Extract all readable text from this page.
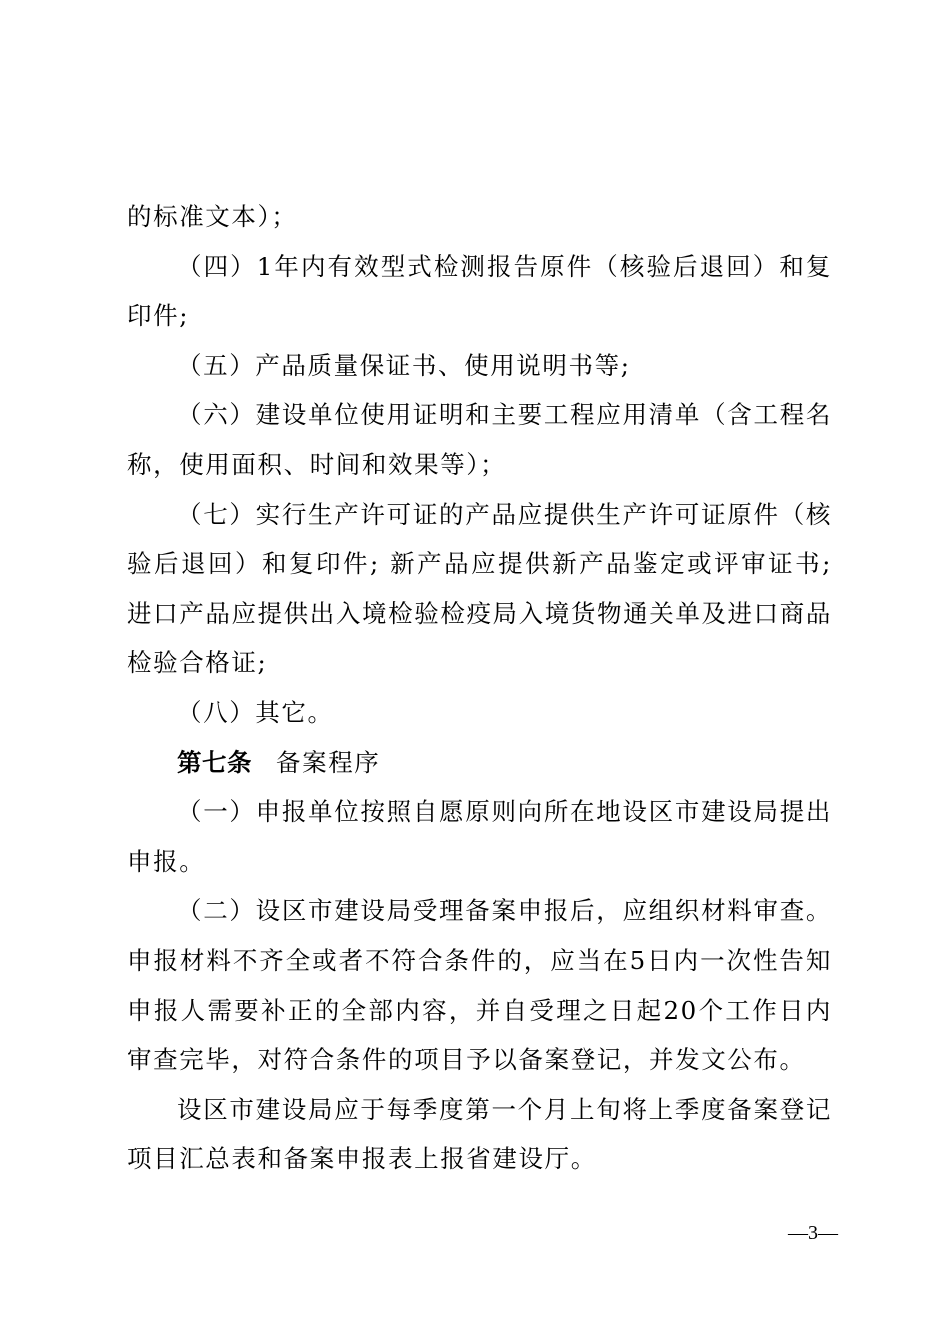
的标准文本）；

（四）1年内有效型式检测报告原件（核验后退回）和复印件;

（五）产品质量保证书、使用说明书等;

（六）建设单位使用证明和主要工程应用清单（含工程名称，使用面积、时间和效果等）；

（七）实行生产许可证的产品应提供生产许可证原件（核验后退回）和复印件; 新产品应提供新产品鉴定或评审证书; 进口产品应提供出入境检验检疫局入境货物通关单及进口商品检验合格证;

（八）其它。

第七条 备案程序

（一）申报单位按照自愿原则向所在地设区市建设局提出申报。

（二）设区市建设局受理备案申报后，应组织材料审查。申报材料不齐全或者不符合条件的，应当在5日内一次性告知申报人需要补正的全部内容，并自受理之日起20个工作日内审查完毕，对符合条件的项目予以备案登记，并发文公布。

设区市建设局应于每季度第一个月上旬将上季度备案登记项目汇总表和备案申报表上报省建设厅。

—3—
